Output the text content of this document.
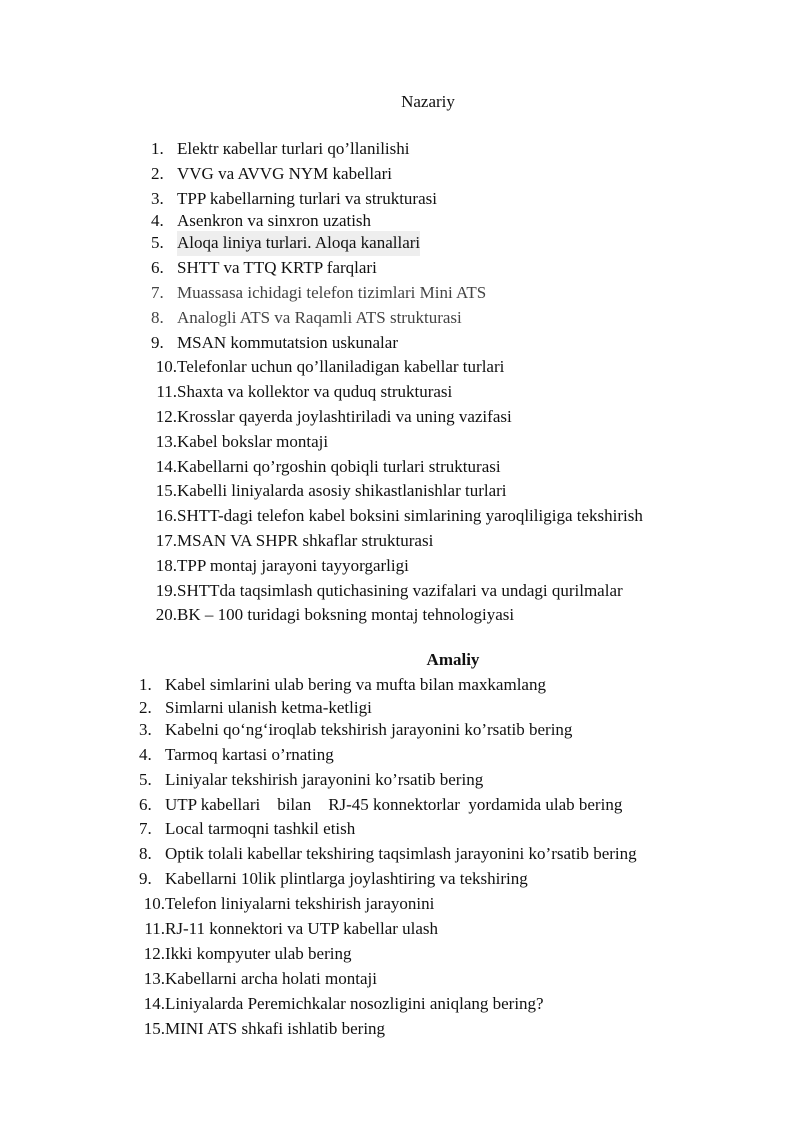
Nazariy
1. Elektr кabellar turlari qo’llanilishi
2. VVG va AVVG NYM kabellari
3. TPP kabellarning turlari va strukturasi
4. Asenkron va sinxron uzatish
5. Aloqa liniya turlari. Aloqa kanallari
6. SHTT va TTQ KRTP farqlari
7. Muassasa ichidagi telefon tizimlari Mini ATS
8. Analogli ATS va Raqamli ATS strukturasi
9. MSAN kommutatsion uskunalar
10.Telefonlar uchun qo’llaniladigan kabellar turlari
11.Shaxta va kollektor va quduq strukturasi
12.Krosslar qayerda joylashtiriladi va uning vazifasi
13.Kabel bokslar montaji
14.Kabellarni qo’rgoshin qobiqli turlari strukturasi
15.Kabelli liniyalarda asosiy shikastlanishlar turlari
16.SHTT-dagi telefon kabel boksini simlarining yaroqliligiga tekshirish
17.MSAN VA SHPR shkaflar strukturasi
18.TPP montaj jarayoni tayyorgarligi
19.SHTTda taqsimlash qutichasining vazifalari va undagi qurilmalar
20.BK – 100 turidagi boksning montaj tehnologiyasi
Amaliy
1. Kabel simlarini ulab bering va mufta bilan maxkamlang
2. Simlarni ulanish ketma-ketligi
3. Kabelni qo‘ng‘iroqlab tekshirish jarayonini ko’rsatib bering
4. Tarmoq kartasi o’rnating
5. Liniyalar tekshirish jarayonini ko’rsatib bering
6. UTP kabellari    bilan    RJ-45 konnektorlar  yordamida ulab bering
7. Local tarmoqni tashkil etish
8. Optik tolali kabellar tekshiring taqsimlash jarayonini ko’rsatib bering
9. Kabellarni 10lik plintlarga joylashtiring va tekshiring
10.Telefon liniyalarni tekshirish jarayonini
11.RJ-11 konnektori va UTP kabellar ulash
12.Ikki kompyuter ulab bering
13.Kabellarni archa holati montaji
14.Liniyalarda Peremichkalar nosozligini aniqlang bering?
15.MINI ATS shkafi ishlatib bering
